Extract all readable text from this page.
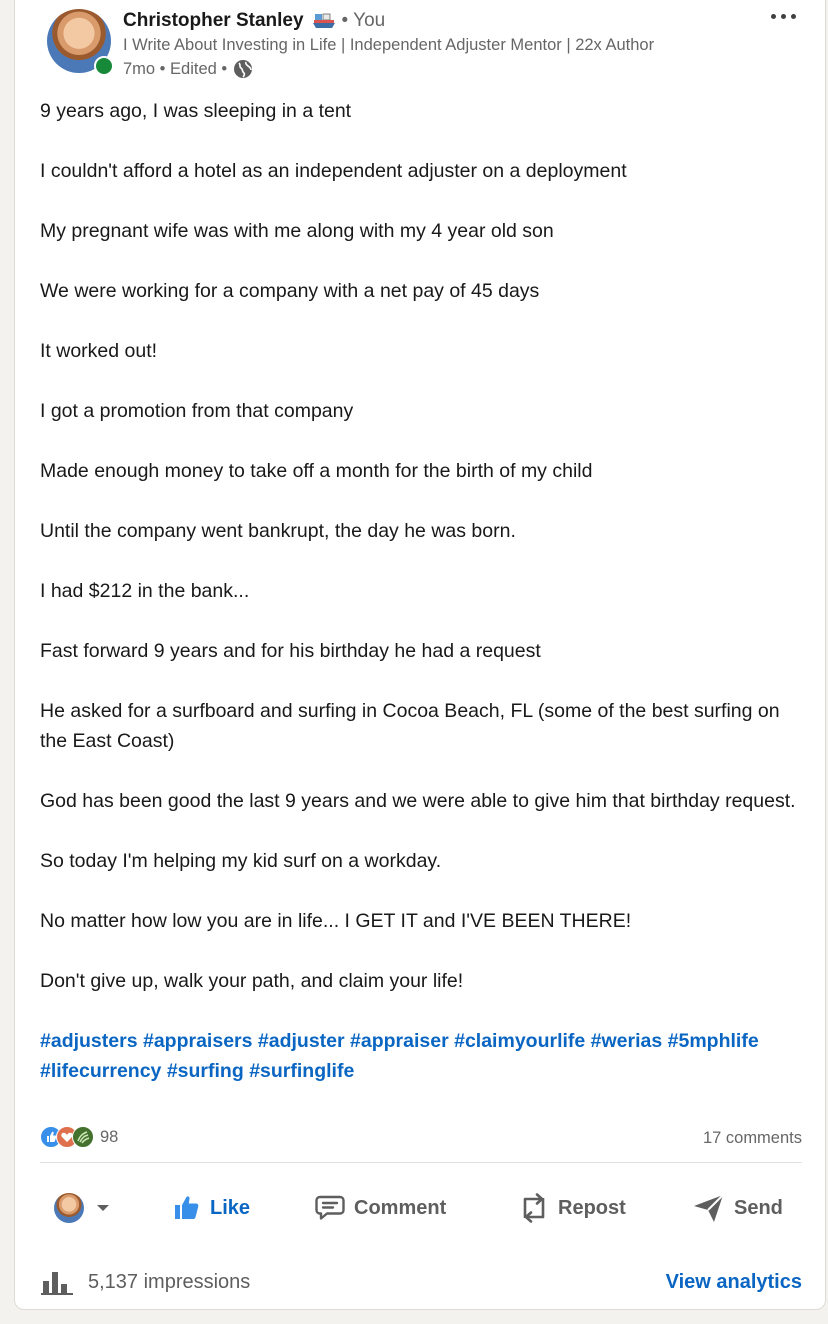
Christopher Stanley • You
I Write About Investing in Life | Independent Adjuster Mentor | 22x Author
7mo • Edited •

9 years ago, I was sleeping in a tent

I couldn't afford a hotel as an independent adjuster on a deployment

My pregnant wife was with me along with my 4 year old son

We were working for a company with a net pay of 45 days

It worked out!

I got a promotion from that company

Made enough money to take off a month for the birth of my child

Until the company went bankrupt, the day he was born.

I had $212 in the bank...

Fast forward 9 years and for his birthday he had a request

He asked for a surfboard and surfing in Cocoa Beach, FL (some of the best surfing on the East Coast)

God has been good the last 9 years and we were able to give him that birthday request.

So today I'm helping my kid surf on a workday.

No matter how low you are in life... I GET IT and I'VE BEEN THERE!

Don't give up, walk your path, and claim your life!

#adjusters #appraisers #adjuster #appraiser #claimyourlife #werias #5mphlife #lifecurrency #surfing #surfinglife
98	17 comments
Like	Comment	Repost	Send
5,137 impressions	View analytics
